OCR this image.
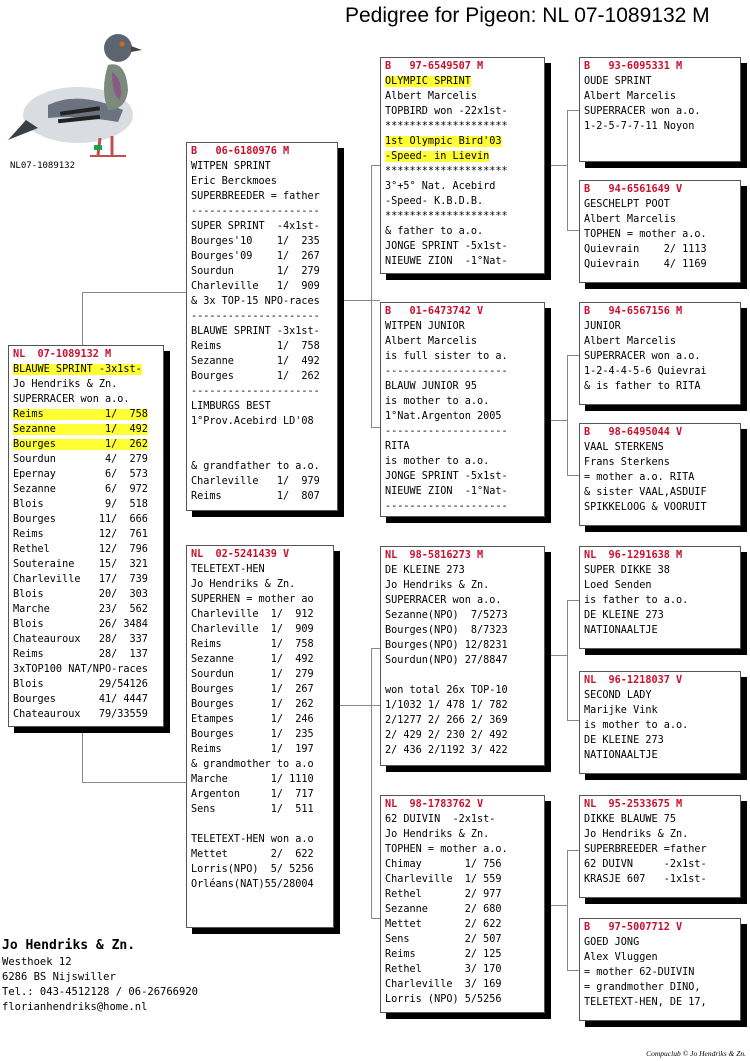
Pedigree for Pigeon: NL 07-1089132 M
NL07-1089132
NL  07-1089132 M
BLAUWE SPRINT -3x1st-
Jo Hendriks & Zn.
SUPERRACER won a.o.
Reims          1/  758
Sezanne        1/  492
Bourges        1/  262
Sourdun        4/  279
Epernay        6/  573
Sezanne        6/  972
Blois          9/  518
Bourges       11/  666
Reims         12/  761
Rethel        12/  796
Souteraine    15/  321
Charleville   17/  739
Blois         20/  303
Marche        23/  562
Blois         26/ 3484
Chateauroux   28/  337
Reims         28/  137
3xTOP100 NAT/NPO-races
Blois         29/54126
Bourges       41/ 4447
Chateauroux   79/33559
B   06-6180976 M
WITPEN SPRINT
Eric Berckmoes
SUPERBREEDER = father
---------------------
SUPER SPRINT  -4x1st-
Bourges'10    1/  235
Bourges'09    1/  267
Sourdun       1/  279
Charleville   1/  909
& 3x TOP-15 NPO-races
---------------------
BLAUWE SPRINT -3x1st-
Reims         1/  758
Sezanne       1/  492
Bourges       1/  262
---------------------
LIMBURGS BEST
1°Prov.Acebird LD'08
& grandfather to a.o.
Charleville   1/  979
Reims         1/  807
NL  02-5241439 V
TELETEXT-HEN
Jo Hendriks & Zn.
SUPERHEN = mother ao
Charleville  1/  912
Charleville  1/  909
Reims        1/  758
Sezanne      1/  492
Sourdun      1/  279
Bourges      1/  267
Bourges      1/  262
Etampes      1/  246
Bourges      1/  235
Reims        1/  197
& grandmother to a.o
Marche       1/ 1110
Argenton     1/  717
Sens         1/  511
TELETEXT-HEN won a.o
Mettet       2/  622
Lorris(NPO)  5/ 5256
Orléans(NAT)55/28004
B   97-6549507 M
OLYMPIC SPRINT
Albert Marcelis
TOPBIRD won -22x1st-
********************
1st Olympic Bird'03
-Speed- in Lievin
********************
3°+5° Nat. Acebird
-Speed- K.B.D.B.
********************
& father to a.o.
JONGE SPRINT -5x1st-
NIEUWE ZION  -1°Nat-
B   01-6473742 V
WITPEN JUNIOR
Albert Marcelis
is full sister to a.
--------------------
BLAUW JUNIOR 95
is mother to a.o.
1°Nat.Argenton 2005
--------------------
RITA
is mother to a.o.
JONGE SPRINT -5x1st-
NIEUWE ZION  -1°Nat-
--------------------
NL  98-5816273 M
DE KLEINE 273
Jo Hendriks & Zn.
SUPERRACER won a.o.
Sezanne(NPO)  7/5273
Bourges(NPO)  8/7323
Bourges(NPO) 12/8231
Sourdun(NPO) 27/8847
won total 26x TOP-10
1/1032 1/ 478 1/ 782
2/1277 2/ 266 2/ 369
2/ 429 2/ 230 2/ 492
2/ 436 2/1192 3/ 422
NL  98-1783762 V
62 DUIVIN  -2x1st-
Jo Hendriks & Zn.
TOPHEN = mother a.o.
Chimay       1/ 756
Charleville  1/ 559
Rethel       2/ 977
Sezanne      2/ 680
Mettet       2/ 622
Sens         2/ 507
Reims        2/ 125
Rethel       3/ 170
Charleville  3/ 169
Lorris (NPO) 5/5256
B   93-6095331 M
OUDE SPRINT
Albert Marcelis
SUPERRACER won a.o.
1-2-5-7-7-11 Noyon
B   94-6561649 V
GESCHELPT POOT
Albert Marcelis
TOPHEN = mother a.o.
Quievrain    2/ 1113
Quievrain    4/ 1169
B   94-6567156 M
JUNIOR
Albert Marcelis
SUPERRACER won a.o.
1-2-4-4-5-6 Quievrai
& is father to RITA
B   98-6495044 V
VAAL STERKENS
Frans Sterkens
= mother a.o. RITA
& sister VAAL,ASDUIF
SPIKKELOOG & VOORUIT
NL  96-1291638 M
SUPER DIKKE 38
Loed Senden
is father to a.o.
DE KLEINE 273
NATIONAALTJE
NL  96-1218037 V
SECOND LADY
Marijke Vink
is mother to a.o.
DE KLEINE 273
NATIONAALTJE
NL  95-2533675 M
DIKKE BLAUWE 75
Jo Hendriks & Zn.
SUPERBREEDER =father
62 DUIVN     -2x1st-
KRASJE 607   -1x1st-
B   97-5007712 V
GOED JONG
Alex Vluggen
= mother 62-DUIVIN
= grandmother DINO,
TELETEXT-HEN, DE 17,
Jo Hendriks & Zn.
Westhoek 12
6286 BS Nijswiller
Tel.: 043-4512128 / 06-26766920
florianhendriks@home.nl
Compuclub © Jo Hendriks & Zn.
